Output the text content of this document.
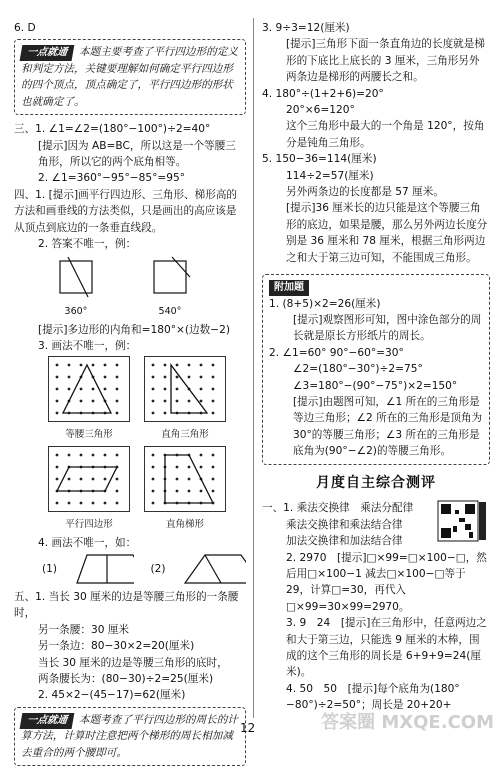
6. D
一点就通 本题主要考查了平行四边形的定义和判定方法，关键要理解如何确定平行四边形的四个顶点，顶点确定了，平行四边形的形状也就确定了。
三、1. ∠1=∠2=(180°−100°)÷2=40°
[提示]因为 AB=BC，所以这是一个等腰三角形，所以它的两个底角相等。
2. ∠1=360°−95°−85°=95°
四、1. [提示]画平行四边形、三角形、梯形高的方法和画垂线的方法类似，只是画出的高应该是从顶点到底边的一条垂直线段。
2. 答案不唯一，例：
360°	540°
[提示]多边形的内角和=180°×(边数−2)
3. 画法不唯一，例：
等腰三角形	直角三角形
平行四边形	直角梯形
4. 画法不唯一，如：
(1)	(2)
五、1. 当长 30 厘米的边是等腰三角形的一条腰时，
另一条腰：30 厘米
另一条边：80−30×2=20(厘米)
当长 30 厘米的边是等腰三角形的底时，
两条腰长为：(80−30)÷2=25(厘米)
2. 45×2−(45−17)=62(厘米)
一点就通 本题考查了平行四边形的周长的计算方法，计算时注意把两个梯形的周长相加减去重合的两个腰即可。
3. 9÷3=12(厘米)
[提示]三角形下面一条直角边的长度就是梯形的下底比上底长的 3 厘米，三角形另外两条边是梯形的两腰长之和。
4. 180°÷(1+2+6)=20°
20°×6=120°
这个三角形中最大的一个角是 120°，按角分是钝角三角形。
5. 150−36=114(厘米)
114÷2=57(厘米)
另外两条边的长度都是 57 厘米。
[提示]36 厘米长的边只能是这个等腰三角形的底边，如果是腰，那么另外两边长度分别是 36 厘米和 78 厘米，根据三角形两边之和大于第三边可知，不能围成三角形。
附加题
1. (8+5)×2=26(厘米)
[提示]观察图形可知，图中涂色部分的周长就是原长方形纸片的周长。
2. ∠1=60° 90°−60°=30°
∠2=(180°−30°)÷2=75°
∠3=180°−(90°−75°)×2=150°
[提示]由题图可知，∠1 所在的三角形是等边三角形；∠2 所在的三角形是顶角为 30°的等腰三角形；∠3 所在的三角形是底角为(90°−∠2)的等腰三角形。
月度自主综合测评
一、1. 乘法交换律　乘法分配律
乘法交换律和乘法结合律
加法交换律和加法结合律
2. 2970　[提示]□×99=□×100−□，然后用□×100−1 减去□×100−□等于 29，计算□=30，再代入□×99=30×99=2970。
3. 9　24　[提示]在三角形中，任意两边之和大于第三边，只能选 9 厘米的木棒，围成的这个三角形的周长是 6+9+9=24(厘米)。
4. 50　50　[提示]每个底角为(180°−80°)÷2=50°；周长是 20+20+
12	答案圈 MXQE.COM
